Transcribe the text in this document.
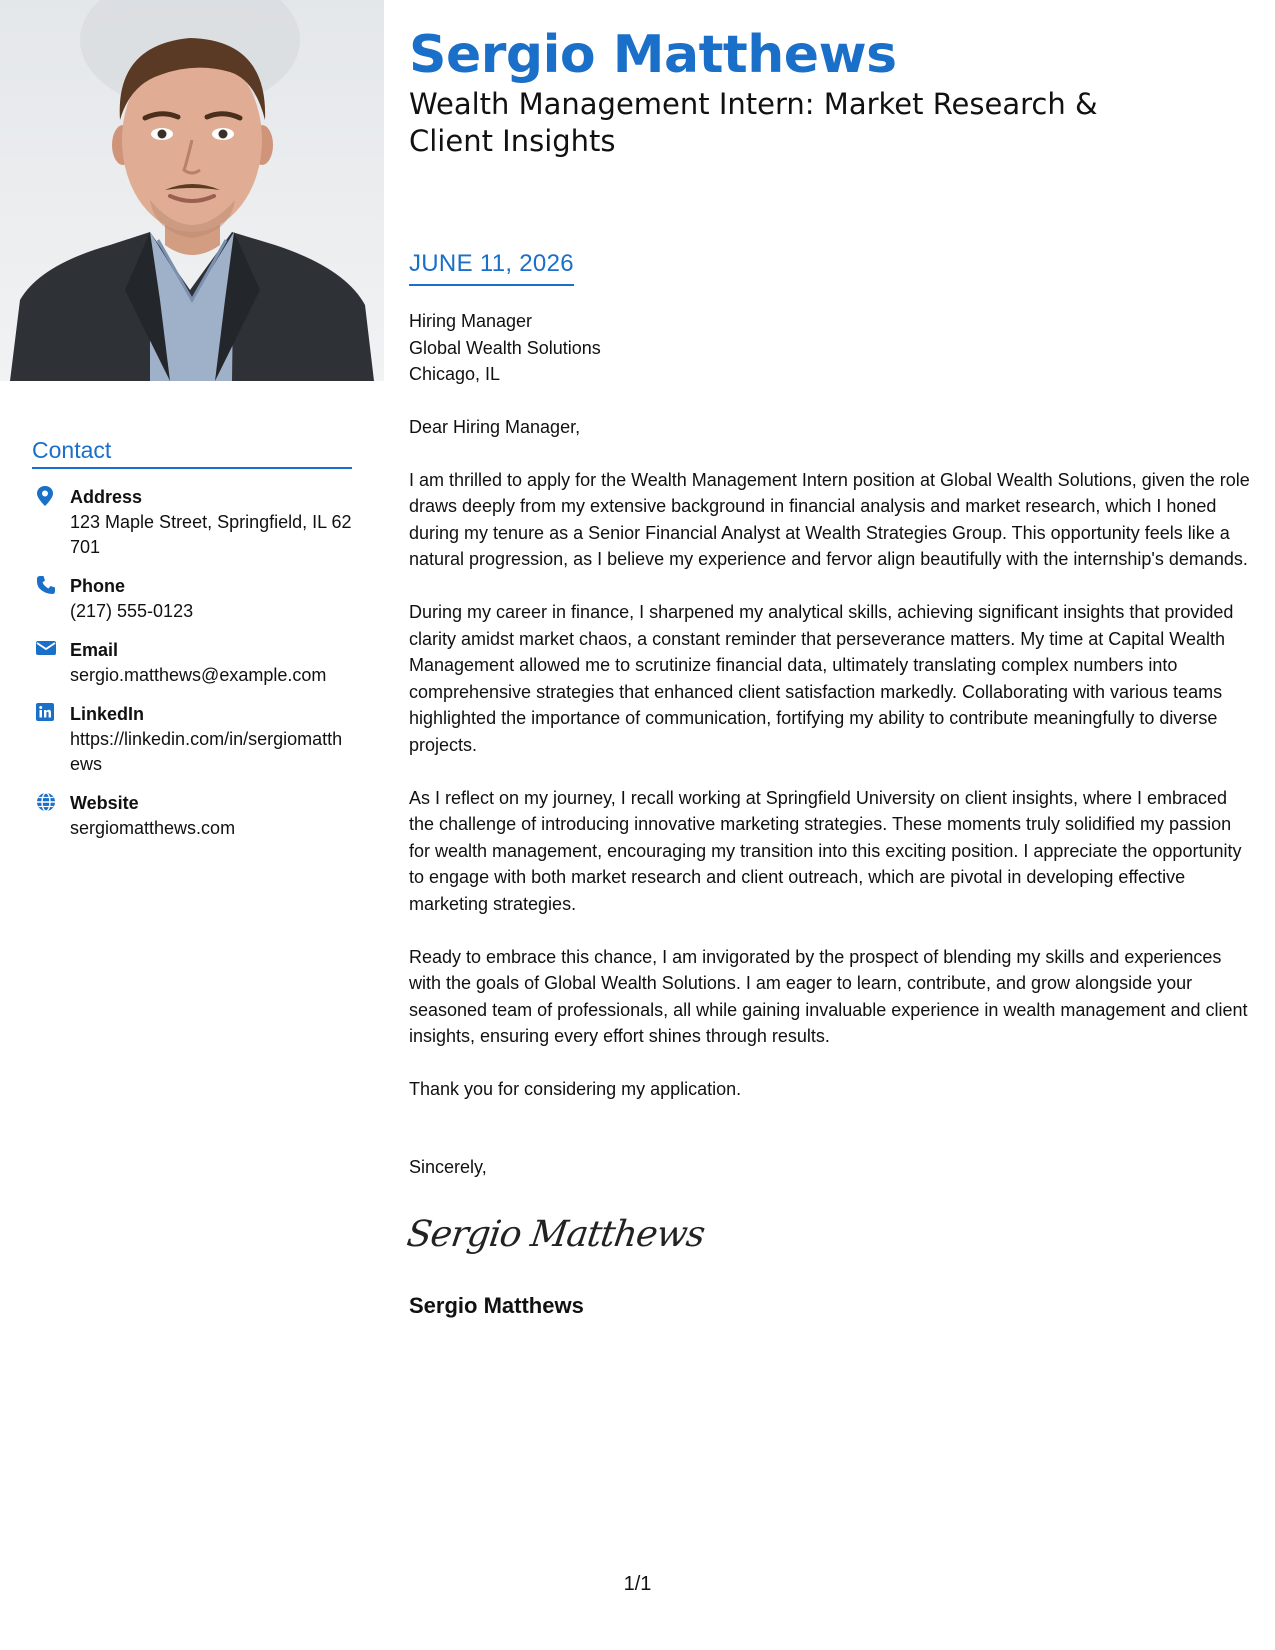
Contact
Address
123 Maple Street, Springfield, IL 62701
Phone
(217) 555-0123
Email
sergio.matthews@example.com
LinkedIn
https://linkedin.com/in/sergiomatthews
Website
sergiomatthews.com
Sergio Matthews
Wealth Management Intern: Market Research & Client Insights
JUNE 11, 2026
Hiring Manager
Global Wealth Solutions
Chicago, IL

Dear Hiring Manager,

I am thrilled to apply for the Wealth Management Intern position at Global Wealth Solutions, given the role draws deeply from my extensive background in financial analysis and market research, which I honed during my tenure as a Senior Financial Analyst at Wealth Strategies Group. This opportunity feels like a natural progression, as I believe my experience and fervor align beautifully with the internship's demands.

During my career in finance, I sharpened my analytical skills, achieving significant insights that provided clarity amidst market chaos, a constant reminder that perseverance matters. My time at Capital Wealth Management allowed me to scrutinize financial data, ultimately translating complex numbers into comprehensive strategies that enhanced client satisfaction markedly. Collaborating with various teams highlighted the importance of communication, fortifying my ability to contribute meaningfully to diverse projects.

As I reflect on my journey, I recall working at Springfield University on client insights, where I embraced the challenge of introducing innovative marketing strategies. These moments truly solidified my passion for wealth management, encouraging my transition into this exciting position. I appreciate the opportunity to engage with both market research and client outreach, which are pivotal in developing effective marketing strategies.

Ready to embrace this chance, I am invigorated by the prospect of blending my skills and experiences with the goals of Global Wealth Solutions. I am eager to learn, contribute, and grow alongside your seasoned team of professionals, all while gaining invaluable experience in wealth management and client insights, ensuring every effort shines through results.

Thank you for considering my application.

Sincerely,
Sergio Matthews
Sergio Matthews
1/1
